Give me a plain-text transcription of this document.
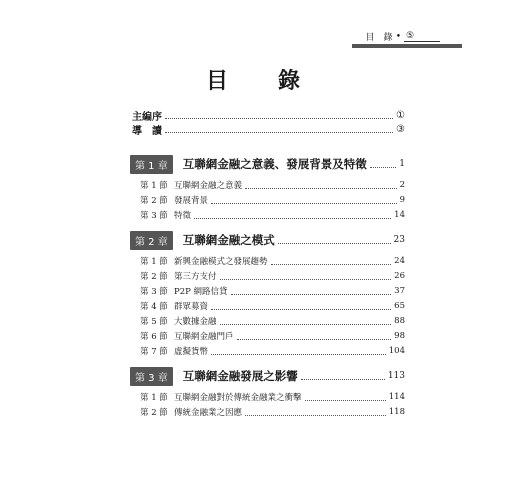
目　錄 • ⑤
目　錄
主編序	①
導　讀	③
第 1 章	互聯網金融之意義、發展背景及特徵	1
第 1 節 互聯網金融之意義	2
第 2 節 發展背景	9
第 3 節 特徵	14
第 2 章	互聯網金融之模式	23
第 1 節 新興金融模式之發展趨勢	24
第 2 節 第三方支付	26
第 3 節 P2P 網路信貸	37
第 4 節 群眾募資	65
第 5 節 大數據金融	88
第 6 節 互聯網金融門戶	98
第 7 節 虛擬貨幣	104
第 3 章	互聯網金融發展之影響	113
第 1 節 互聯網金融對於傳統金融業之衝擊	114
第 2 節 傳統金融業之因應	118
